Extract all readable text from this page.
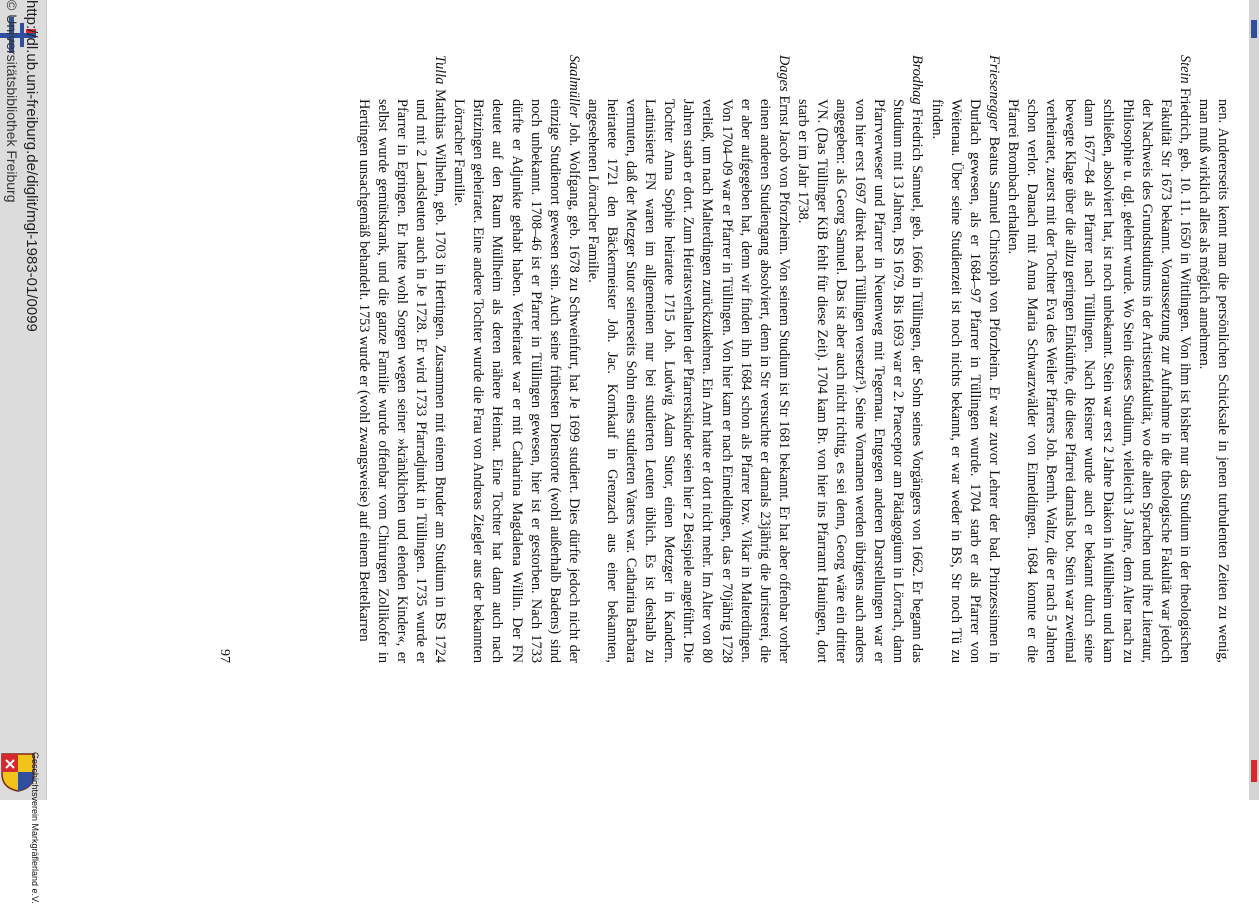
http://dl.ub.uni-freiburg.de/diglit/mgl-1983-01/0099
© Universitätsbibliothek Freiburg
Geschichtsverein Markgräflerland e.V.

nen. Andererseits kennt man die persönlichen Schicksale in jenen turbulenten Zeiten zu wenig, man muß wirklich alles als möglich annehmen.

Stein Friedrich, geb. 10. 11. 1650 in Wittlingen. Von ihm ist bisher nur das Studium in der theologischen Fakultät Str 1673 bekannt. Voraussetzung zur Aufnahme in die theologische Fakultät war jedoch der Nachweis des Grundstudiums in der Artistenfakultät, wo die alten Sprachen und ihre Literatur, Philosophie u. dgl. gelehrt wurde. Wo Stein dieses Studium, vielleicht 3 Jahre, dem Alter nach zu schließen, absolviert hat, ist noch unbekannt. Stein war erst 2 Jahre Diakon in Müllheim und kam dann 1677–84 als Pfarrer nach Tüllingen. Nach Reisner wurde auch er bekannt durch seine bewegte Klage über die allzu geringen Einkünfte, die diese Pfarrei damals bot. Stein war zweimal verheiratet, zuerst mit der Tochter Eva des Weiler Pfarrers Joh. Bernh. Waltz, die er nach 5 Jahren schon verlor. Danach mit Anna Maria Schwarzwälder von Eimeldingen. 1684 konnte er die Pfarrei Brombach erhalten.

Friesenegger Beatus Samuel Christoph von Pforzheim. Er war zuvor Lehrer der bad. Prinzessinnen in Durlach gewesen, als er 1684–97 Pfarrer in Tüllingen wurde. 1704 starb er als Pfarrer von Weitenau. Über seine Studienzeit ist noch nichts bekannt, er war weder in BS, Str noch Tü zu finden.

Brodhag Friedrich Samuel, geb. 1666 in Tüllingen, der Sohn seines Vorgängers von 1662. Er begann das Studium mit 13 Jahren, BS 1679. Bis 1693 war er 2. Praeceptor am Pädagogium in Lörrach, dann Pfarrverweser und Pfarrer in Neuenweg mit Tegernau. Entgegen anderen Darstellungen war er von hier erst 1697 direkt nach Tüllingen versetzt⁵). Seine Vornamen werden übrigens auch anders angegeben: als Georg Samuel. Das ist aber auch nicht richtig, es sei denn, Georg wäre ein dritter VN. (Das Tüllinger KiB fehlt für diese Zeit). 1704 kam Br. von hier ins Pfarramt Hauingen, dort starb er im Jahr 1738.

Dages Ernst Jacob von Pforzheim. Von seinem Studium ist Str 1681 bekannt. Er hat aber offenbar vorher einen anderen Studiengang absolviert, denn in Str versuchte er damals 23jährig die Juristerei, die er aber aufgegeben hat, denn wir finden ihn 1684 schon als Pfarrer bzw. Vikar in Malterdingen. Von 1704–09 war er Pfarrer in Tüllingen. Von hier kam er nach Eimeldingen, das er 70jährig 1728 verließ, um nach Malterdingen zurückzukehren. Ein Amt hatte er dort nicht mehr. Im Alter von 80 Jahren starb er dort. Zum Heiratsverhalten der Pfarrerskinder seien hier 2 Beispiele angeführt. Die Tochter Anna Sophie heiratete 1715 Joh. Ludwig Adam Sutor, einen Metzger in Kandern. Latinisierte FN waren im allgemeinen nur bei studierten Leuten üblich. Es ist deshalb zu vermuten, daß der Metzger Sutor seinerseits Sohn eines studierten Vaters war. Catharina Barbara heiratete 1721 den Bäckermeister Joh. Jac. Kornkauf in Grenzach aus einer bekannten, angesehenen Lörracher Familie.

Saalmüller Joh. Wolfgang, geb. 1678 zu Schweinfurt, hat Je 1699 studiert. Dies dürfte jedoch nicht der einzige Studienort gewesen sein. Auch seine frühesten Dienstorte (wohl außerhalb Badens) sind noch unbekannt. 1708–46 ist er Pfarrer in Tüllingen gewesen, hier ist er gestorben. Nach 1733 dürfte er Adjunkte gehabt haben. Verheiratet war er mit Catharina Magdalena Willin. Der FN deutet auf den Raum Müllheim als deren nähere Heimat. Eine Tochter hat dann auch nach Britzingen geheiratet. Eine andere Tochter wurde die Frau von Andreas Ziegler aus der bekannten Lörracher Familie.

Tulla Matthias Wilhelm, geb. 1703 in Hertingen. Zusammen mit einem Bruder am Studium in BS 1724 und mit 2 Landsleuten auch in Je 1728. Er wird 1733 Pfarradjunkt in Tüllingen. 1735 wurde er Pfarrer in Egringen. Er hatte wohl Sorgen wegen seiner »kränklichen und elenden Kinder«, er selbst wurde gemütskrank, und die ganze Familie wurde offenbar vom Chirurgen Zollikofer in Hertingen unsachgemäß behandelt. 1753 wurde er (wohl zwangsweise) auf einem Bettelkarren

97
